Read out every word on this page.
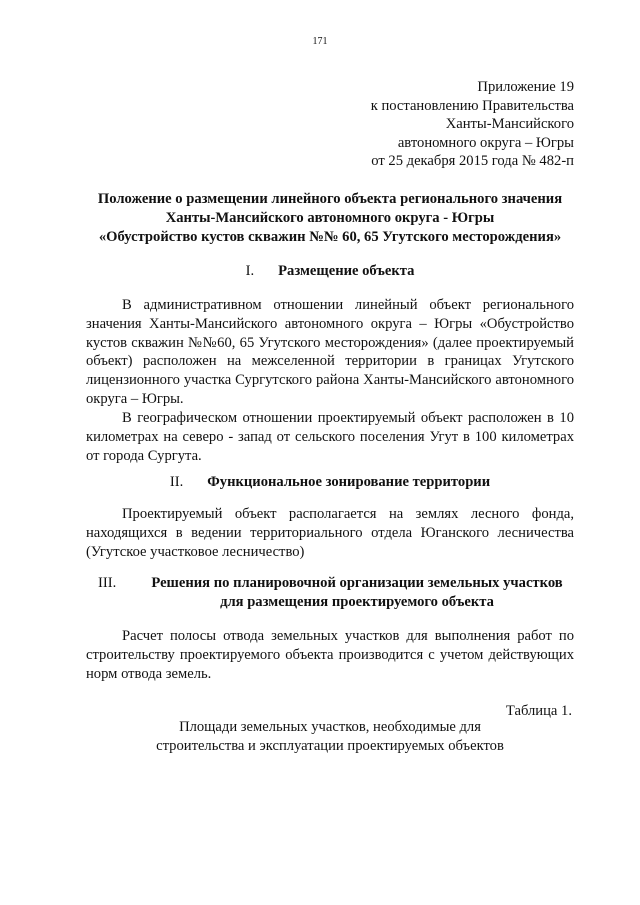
171
Приложение 19
к постановлению Правительства
Ханты-Мансийского
автономного округа – Югры
от 25 декабря 2015 года № 482-п
Положение о размещении линейного объекта регионального значения
Ханты-Мансийского автономного округа - Югры
«Обустройство кустов скважин №№ 60, 65 Угутского месторождения»
I. Размещение объекта
В административном отношении линейный объект регионального значения Ханты-Мансийского автономного округа – Югры «Обустройство кустов скважин №№60, 65 Угутского месторождения» (далее проектируемый объект) расположен на межселенной территории в границах Угутского лицензионного участка Сургутского района Ханты-Мансийского автономного округа – Югры.
В географическом отношении проектируемый объект расположен в 10 километрах на северо - запад от сельского поселения Угут в 100 километрах от города Сургута.
II. Функциональное зонирование территории
Проектируемый объект располагается на землях лесного фонда, находящихся в ведении территориального отдела Юганского лесничества (Угутское участковое лесничество)
III.	Решения по планировочной организации земельных участков
для размещения проектируемого объекта
Расчет полосы отвода земельных участков для выполнения работ по строительству проектируемого объекта производится с учетом действующих норм отвода земель.
Таблица 1.
Площади земельных участков, необходимые для
строительства и эксплуатации проектируемых объектов
